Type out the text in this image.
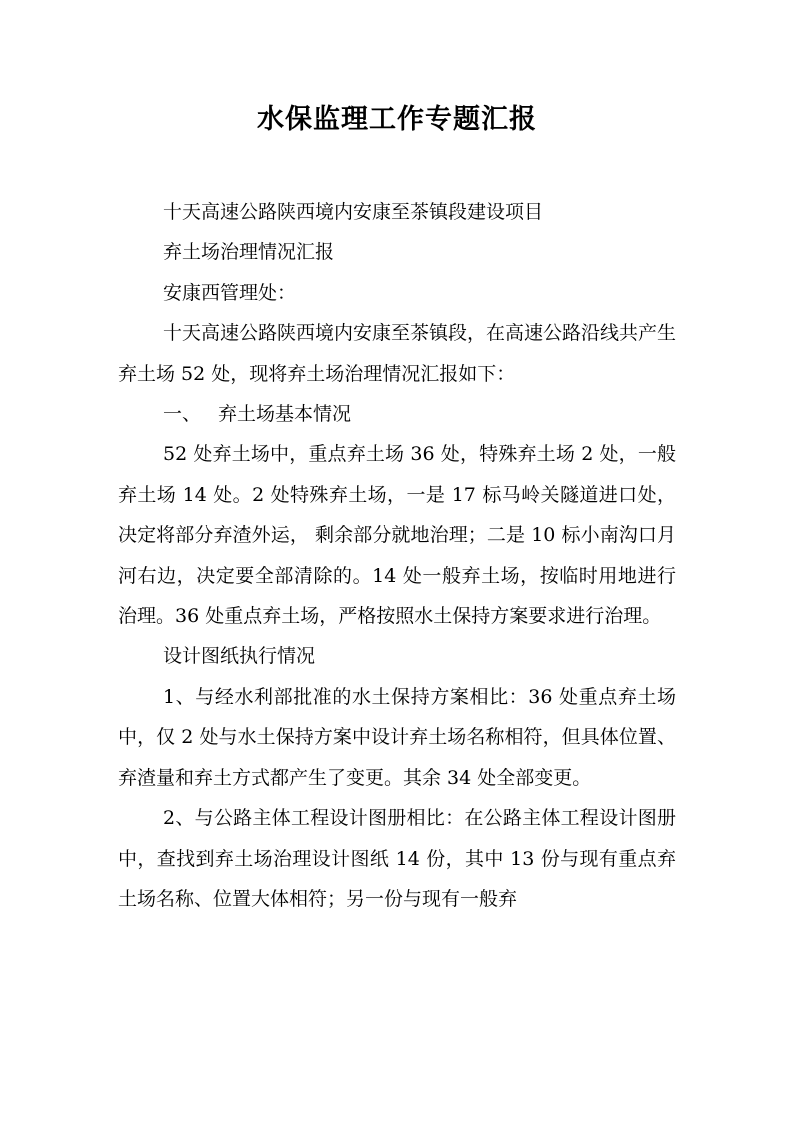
水保监理工作专题汇报

十天高速公路陕西境内安康至茶镇段建设项目

弃土场治理情况汇报

安康西管理处：

十天高速公路陕西境内安康至茶镇段，在高速公路沿线共产生弃土场 52 处，现将弃土场治理情况汇报如下：

一、 弃土场基本情况

52 处弃土场中，重点弃土场 36 处，特殊弃土场 2 处，一般弃土场 14 处。2 处特殊弃土场，一是 17 标马岭关隧道进口处，决定将部分弃渣外运， 剩余部分就地治理；二是 10 标小南沟口月河右边，决定要全部清除的。14 处一般弃土场，按临时用地进行治理。36 处重点弃土场，严格按照水土保持方案要求进行治理。

设计图纸执行情况

1、与经水利部批准的水土保持方案相比：36 处重点弃土场中，仅 2 处与水土保持方案中设计弃土场名称相符，但具体位置、弃渣量和弃土方式都产生了变更。其余 34 处全部变更。

2、与公路主体工程设计图册相比：在公路主体工程设计图册中，查找到弃土场治理设计图纸 14 份，其中 13 份与现有重点弃土场名称、位置大体相符；另一份与现有一般弃
